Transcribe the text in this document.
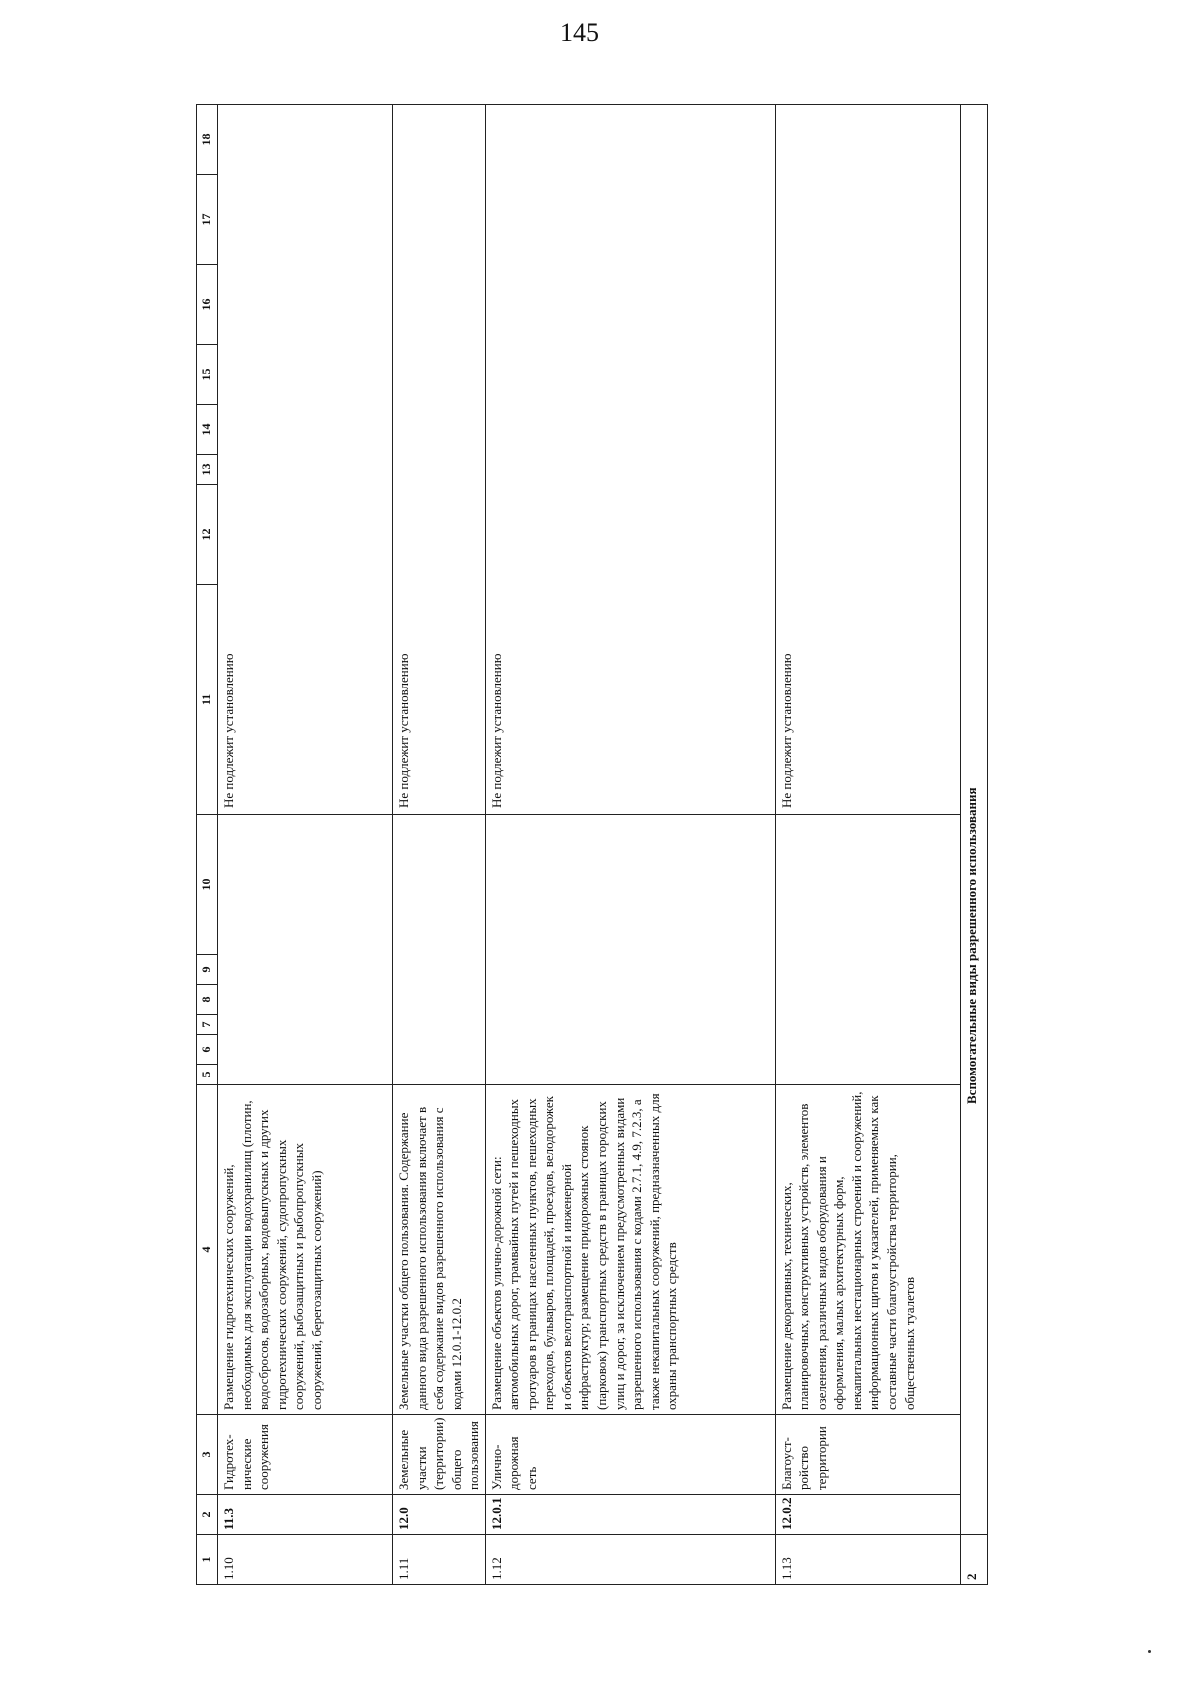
145
1	2	3	4	5	6	7	8	9	10	11	12	13	14	15	16	17	18
1.10	11.3	Гидротех-нические сооружения	Размещение гидротехнических сооружений, необходимых для эксплуатации водохранилищ (плотин, водосбросов, водозаборных, водовыпускных и других гидротехнических сооружений, судопропускных сооружений, рыбозащитных и рыбопропускных сооружений, берегозащитных сооружений)							Не подлежит установлению							
1.11	12.0	Земельные участки (территории) общего пользования	Земельные участки общего пользования. Содержание данного вида разрешенного использования включает в себя содержание видов разрешенного использования с кодами 12.0.1-12.0.2							Не подлежит установлению							
1.12	12.0.1	Улично-дорожная сеть	Размещение объектов улично-дорожной сети: автомобильных дорог, трамвайных путей и пешеходных тротуаров в границах населенных пунктов, пешеходных переходов, бульваров, площадей, проездов, велодорожек и объектов велотранспортной и инженерной инфраструктур; размещение придорожных стоянок (парковок) транспортных средств в границах городских улиц и дорог, за исключением предусмотренных видами разрешенного использования с кодами 2.7.1, 4.9, 7.2.3, а также некапитальных сооружений, предназначенных для охраны транспортных средств							Не подлежит установлению							
1.13	12.0.2	Благоуст-ройство территории	Размещение декоративных, технических, планировочных, конструктивных устройств, элементов озеленения, различных видов оборудования и оформления, малых архитектурных форм, некапитальных нестационарных строений и сооружений, информационных щитов и указателей, применяемых как составные части благоустройства территории, общественных туалетов							Не подлежит установлению							
2	Вспомогательные виды разрешенного использования																
